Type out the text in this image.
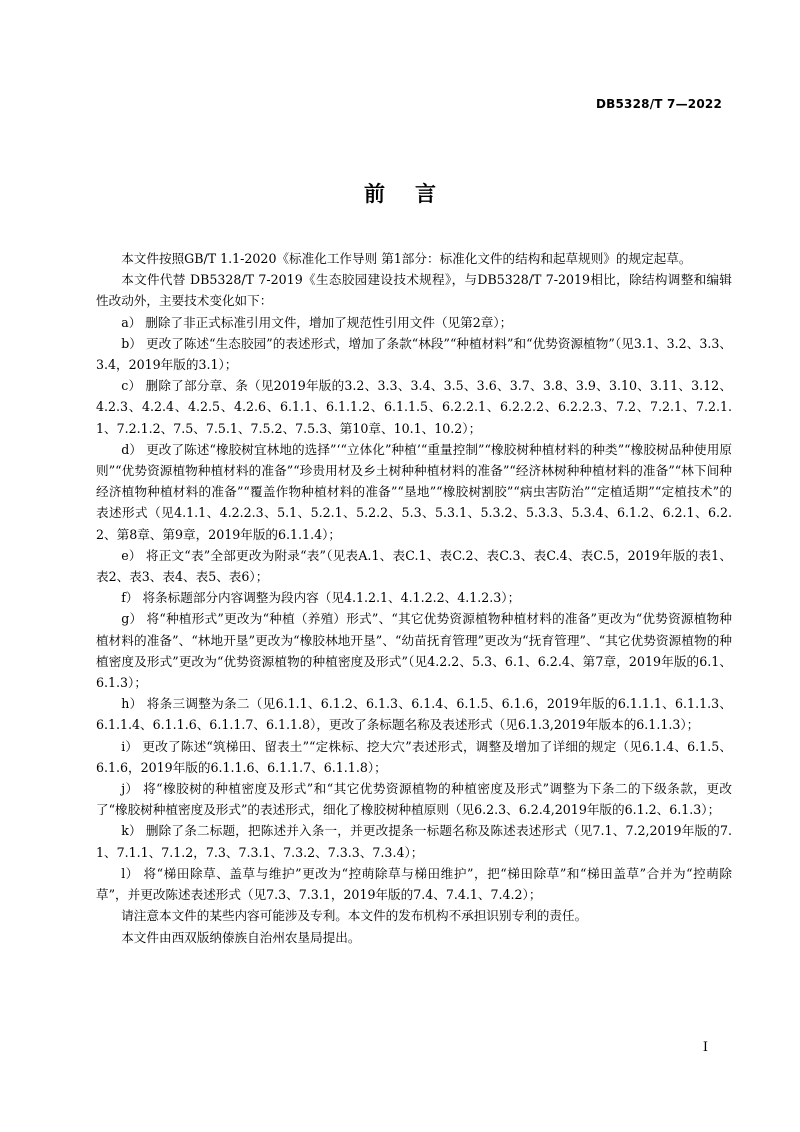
DB5328/T 7—2022
前言

本文件按照GB/T 1.1-2020《标准化工作导则 第1部分：标准化文件的结构和起草规则》的规定起草。

本文件代替 DB5328/T 7-2019《生态胶园建设技术规程》，与DB5328/T 7-2019相比，除结构调整和编辑性改动外，主要技术变化如下：

a） 删除了非正式标准引用文件，增加了规范性引用文件（见第2章）；

b） 更改了陈述“生态胶园”的表述形式，增加了条款“林段”“种植材料”和“优势资源植物”（见3.1、3.2、3.3、3.4，2019年版的3.1）；

c） 删除了部分章、条（见2019年版的3.2、3.3、3.4、3.5、3.6、3.7、3.8、3.9、3.10、3.11、3.12、4.2.3、4.2.4、4.2.5、4.2.6、6.1.1、6.1.1.2、6.1.1.5、6.2.2.1、6.2.2.2、6.2.2.3、7.2、7.2.1、7.2.1.1、7.2.1.2、7.5、7.5.1、7.5.2、7.5.3、第10章、10.1、10.2）；

d） 更改了陈述“橡胶树宜林地的选择”‘“立体化”种植’“重量控制”“橡胶树种植材料的种类”“橡胶树品种使用原则”“优势资源植物种植材料的准备”“珍贵用材及乡土树种种植材料的准备”“经济林树种种植材料的准备”“林下间种经济植物种植材料的准备”“覆盖作物种植材料的准备”“垦地”“橡胶树割胶”“病虫害防治”“定植适期”“定植技术”的表述形式（见4.1.1、4.2.2.3、5.1、5.2.1、5.2.2、5.3、5.3.1、5.3.2、5.3.3、5.3.4、6.1.2、6.2.1、6.2.2、第8章、第9章，2019年版的6.1.1.4）；

e） 将正文“表”全部更改为附录“表”（见表A.1、表C.1、表C.2、表C.3、表C.4、表C.5，2019年版的表1、表2、表3、表4、表5、表6）；

f） 将条标题部分内容调整为段内容（见4.1.2.1、4.1.2.2、4.1.2.3）；

g） 将“种植形式”更改为“种植（养殖）形式”、“其它优势资源植物种植材料的准备”更改为“优势资源植物种植材料的准备”、“林地开垦”更改为“橡胶林地开垦”、“幼苗抚育管理”更改为“抚育管理”、“其它优势资源植物的种植密度及形式”更改为“优势资源植物的种植密度及形式”（见4.2.2、5.3、6.1、6.2.4、第7章，2019年版的6.1、6.1.3）；

h） 将条三调整为条二（见6.1.1、6.1.2、6.1.3、6.1.4、6.1.5、6.1.6，2019年版的6.1.1.1、6.1.1.3、6.1.1.4、6.1.1.6、6.1.1.7、6.1.1.8），更改了条标题名称及表述形式（见6.1.3,2019年版本的6.1.1.3）；

i） 更改了陈述“筑梯田、留表土”“定株标、挖大穴”表述形式，调整及增加了详细的规定（见6.1.4、6.1.5、6.1.6，2019年版的6.1.1.6、6.1.1.7、6.1.1.8）；

j） 将“橡胶树的种植密度及形式”和“其它优势资源植物的种植密度及形式”调整为下条二的下级条款，更改了“橡胶树种植密度及形式”的表述形式，细化了橡胶树种植原则（见6.2.3、6.2.4,2019年版的6.1.2、6.1.3）；

k） 删除了条二标题，把陈述并入条一，并更改提条一标题名称及陈述表述形式（见7.1、7.2,2019年版的7.1、7.1.1、7.1.2，7.3、7.3.1、7.3.2、7.3.3、7.3.4）；

l） 将“梯田除草、盖草与维护”更改为“控萌除草与梯田维护”，把“梯田除草”和“梯田盖草”合并为“控萌除草”，并更改陈述表述形式（见7.3、7.3.1，2019年版的7.4、7.4.1、7.4.2）；

请注意本文件的某些内容可能涉及专利。本文件的发布机构不承担识别专利的责任。

本文件由西双版纳傣族自治州农垦局提出。

I
